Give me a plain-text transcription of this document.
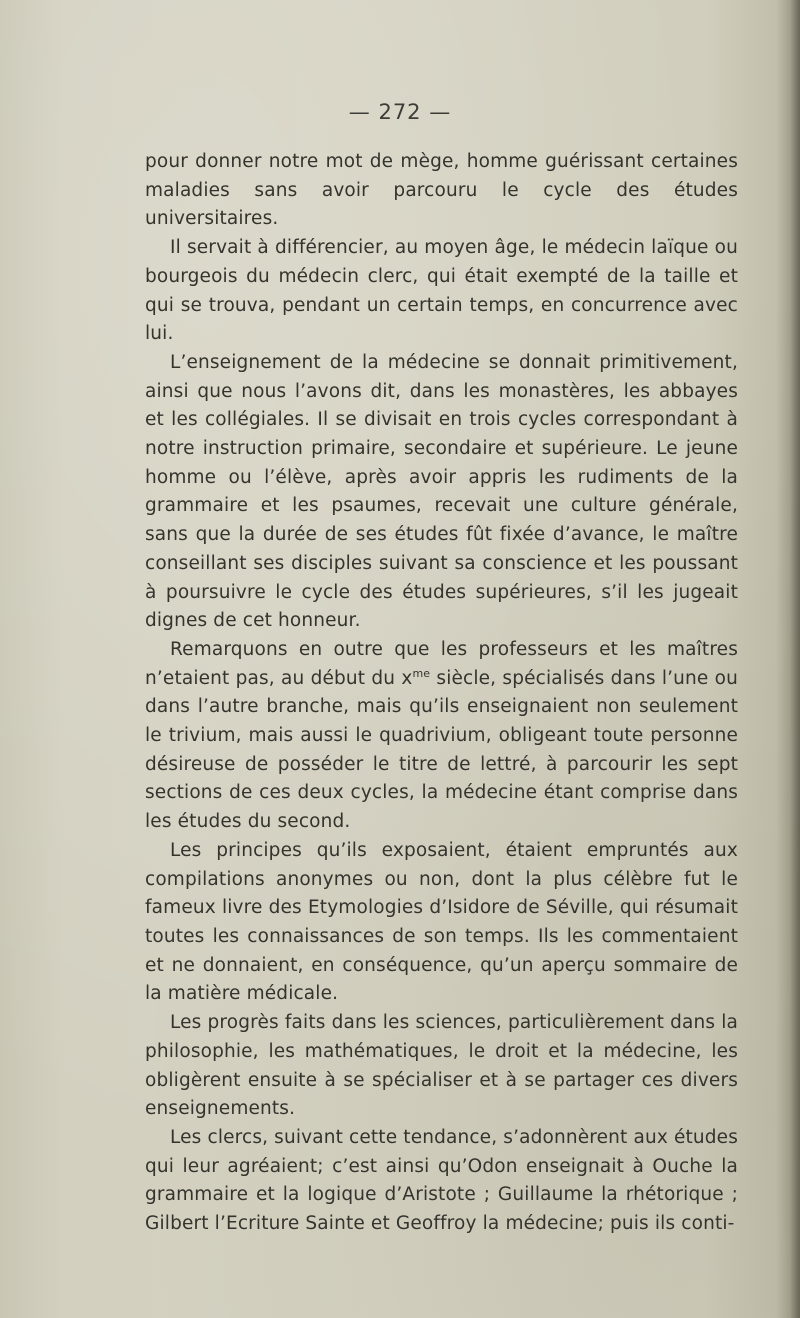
— 272 —

pour donner notre mot de mège, homme guérissant certaines maladies sans avoir parcouru le cycle des études universitaires.

Il servait à différencier, au moyen âge, le médecin laïque ou bourgeois du médecin clerc, qui était exempté de la taille et qui se trouva, pendant un certain temps, en concurrence avec lui.

L’enseignement de la médecine se donnait primitivement, ainsi que nous l’avons dit, dans les monastères, les abbayes et les collégiales. Il se divisait en trois cycles correspondant à notre instruction primaire, secondaire et supérieure. Le jeune homme ou l’élève, après avoir appris les rudiments de la grammaire et les psaumes, recevait une culture générale, sans que la durée de ses études fût fixée d’avance, le maître conseillant ses disciples suivant sa conscience et les poussant à poursuivre le cycle des études supérieures, s’il les jugeait dignes de cet honneur.

Remarquons en outre que les professeurs et les maîtres n’etaient pas, au début du $x^{me}$ siècle, spécialisés dans l’une ou dans l’autre branche, mais qu’ils enseignaient non seulement le trivium, mais aussi le quadrivium, obligeant toute personne désireuse de posséder le titre de lettré, à parcourir les sept sections de ces deux cycles, la médecine étant comprise dans les études du second.

Les principes qu’ils exposaient, étaient empruntés aux compilations anonymes ou non, dont la plus célèbre fut le fameux livre des Etymologies d’Isidore de Séville, qui résumait toutes les connaissances de son temps. Ils les commentaient et ne donnaient, en conséquence, qu’un aperçu sommaire de la matière médicale.

Les progrès faits dans les sciences, particulièrement dans la philosophie, les mathématiques, le droit et la médecine, les obligèrent ensuite à se spécialiser et à se partager ces divers enseignements.

Les clercs, suivant cette tendance, s’adonnèrent aux études qui leur agréaient; c’est ainsi qu’Odon enseignait à Ouche la grammaire et la logique d’Aristote ; Guillaume la rhétorique ; Gilbert l’Ecriture Sainte et Geoffroy la médecine; puis ils conti-
